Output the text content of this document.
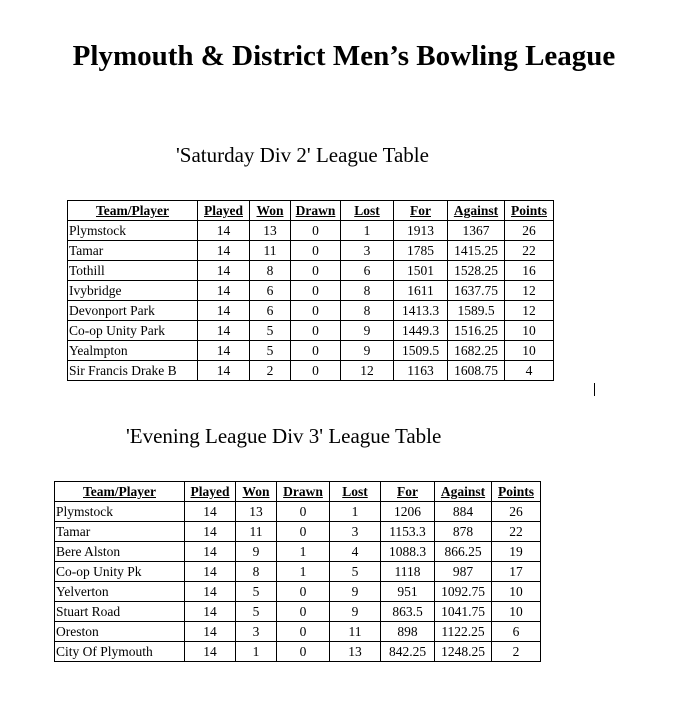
Plymouth & District Men’s Bowling League
'Saturday Div 2' League Table
Team/Player	Played	Won	Drawn	Lost	For	Against	Points
Plymstock	14	13	0	1	1913	1367	26
Tamar	14	11	0	3	1785	1415.25	22
Tothill	14	8	0	6	1501	1528.25	16
Ivybridge	14	6	0	8	1611	1637.75	12
Devonport Park	14	6	0	8	1413.3	1589.5	12
Co-op Unity Park	14	5	0	9	1449.3	1516.25	10
Yealmpton	14	5	0	9	1509.5	1682.25	10
Sir Francis Drake B	14	2	0	12	1163	1608.75	4
'Evening League Div 3' League Table
Team/Player	Played	Won	Drawn	Lost	For	Against	Points
Plymstock	14	13	0	1	1206	884	26
Tamar	14	11	0	3	1153.3	878	22
Bere Alston	14	9	1	4	1088.3	866.25	19
Co-op Unity Pk	14	8	1	5	1118	987	17
Yelverton	14	5	0	9	951	1092.75	10
Stuart Road	14	5	0	9	863.5	1041.75	10
Oreston	14	3	0	11	898	1122.25	6
City Of Plymouth	14	1	0	13	842.25	1248.25	2
